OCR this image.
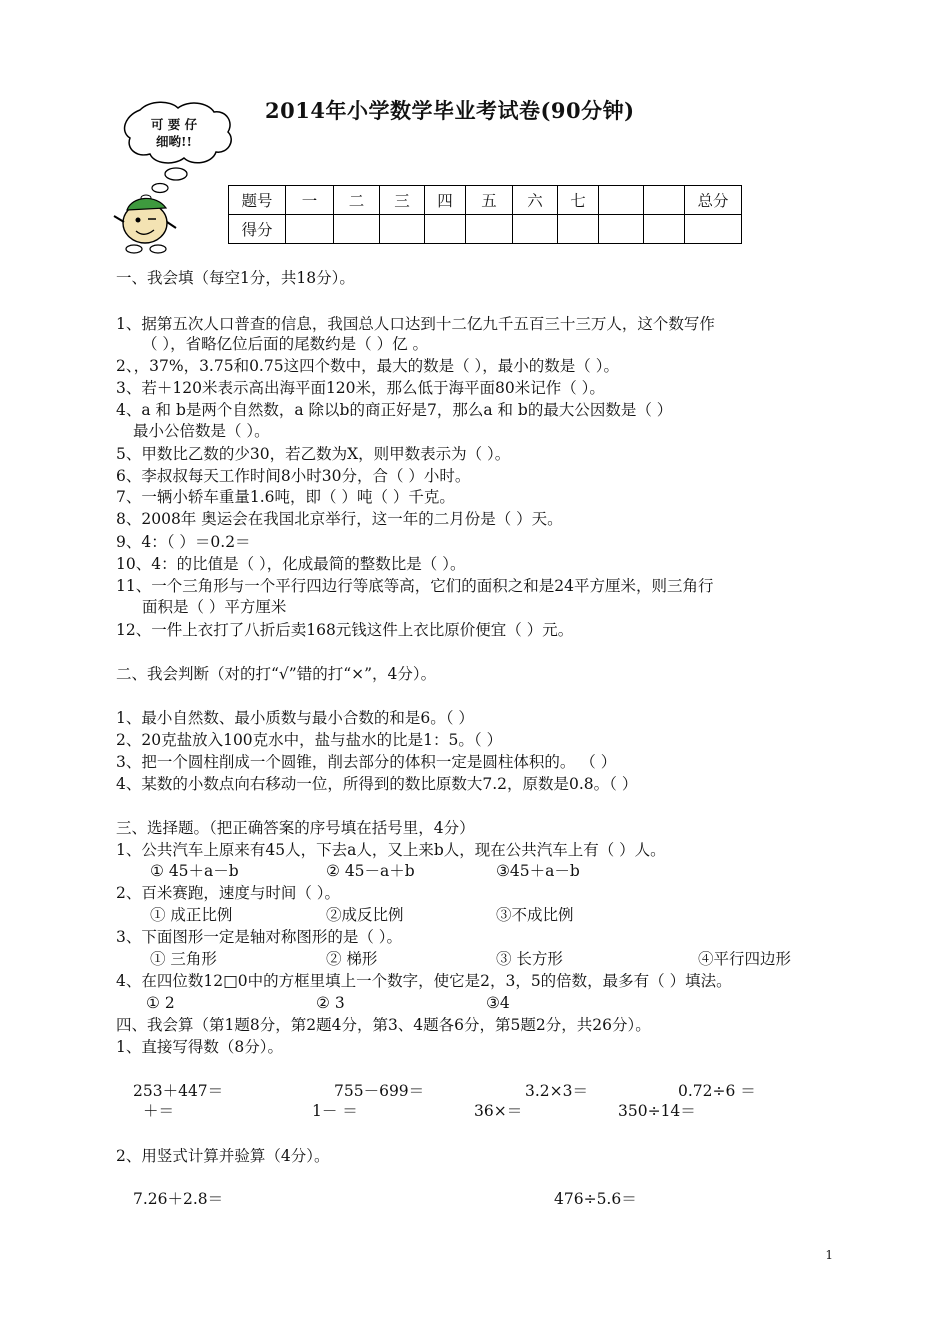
2014年小学数学毕业考试卷(90分钟)
可 要 仔
细哟!!
题号	一	二	三	四	五	六	七			总分
得分										
一、我会填（每空1分，共18分）。
1、据第五次人口普查的信息，我国总人口达到十二亿九千五百三十三万人，这个数写作
（ ），省略亿位后面的尾数约是（ ）亿 。
2、，37%，3.75和0.75这四个数中，最大的数是（ ），最小的数是（ ）。
3、若＋120米表示高出海平面120米，那么低于海平面80米记作（ ）。
4、a 和 b是两个自然数，a 除以b的商正好是7，那么a 和 b的最大公因数是（ ）
最小公倍数是（ ）。
5、甲数比乙数的少30，若乙数为X，则甲数表示为（ ）。
6、李叔叔每天工作时间8小时30分，合（ ）小时。
7、一辆小轿车重量1.6吨，即（ ）吨（ ）千克。
8、2008年 奥运会在我国北京举行，这一年的二月份是（ ）天。
9、4：（ ）＝0.2＝
10、4：的比值是（ ），化成最简的整数比是（ ）。
11、一个三角形与一个平行四边行等底等高，它们的面积之和是24平方厘米，则三角行
面积是（ ）平方厘米
12、一件上衣打了八折后卖168元钱这件上衣比原价便宜（ ）元。
二、我会判断（对的打“√”错的打“×”，4分）。
1、最小自然数、最小质数与最小合数的和是6。（ ）
2、20克盐放入100克水中，盐与盐水的比是1：5。（ ）
3、把一个圆柱削成一个圆锥，削去部分的体积一定是圆柱体积的。 （ ）
4、某数的小数点向右移动一位，所得到的数比原数大7.2，原数是0.8。（ ）
三、选择题。（把正确答案的序号填在括号里，4分）
1、公共汽车上原来有45人，下去a人，又上来b人，现在公共汽车上有（ ）人。
① 45＋a－b	② 45－a＋b	③45＋a－b
2、百米赛跑，速度与时间（ ）。
① 成正比例	②成反比例	③不成比例
3、下面图形一定是轴对称图形的是（ ）。
① 三角形	② 梯形	③ 长方形	④平行四边形
4、在四位数12□0中的方框里填上一个数字，使它是2，3，5的倍数，最多有（ ）填法。
① 2	② 3	③4
四、我会算（第1题8分，第2题4分，第3、4题各6分，第5题2分，共26分）。
1、直接写得数（8分）。
253＋447＝	755－699＝	3.2×3＝	0.72÷6 ＝
＋＝	1－ ＝	36×＝	350÷14＝
2、用竖式计算并验算（4分）。
7.26＋2.8＝	476÷5.6＝
1
